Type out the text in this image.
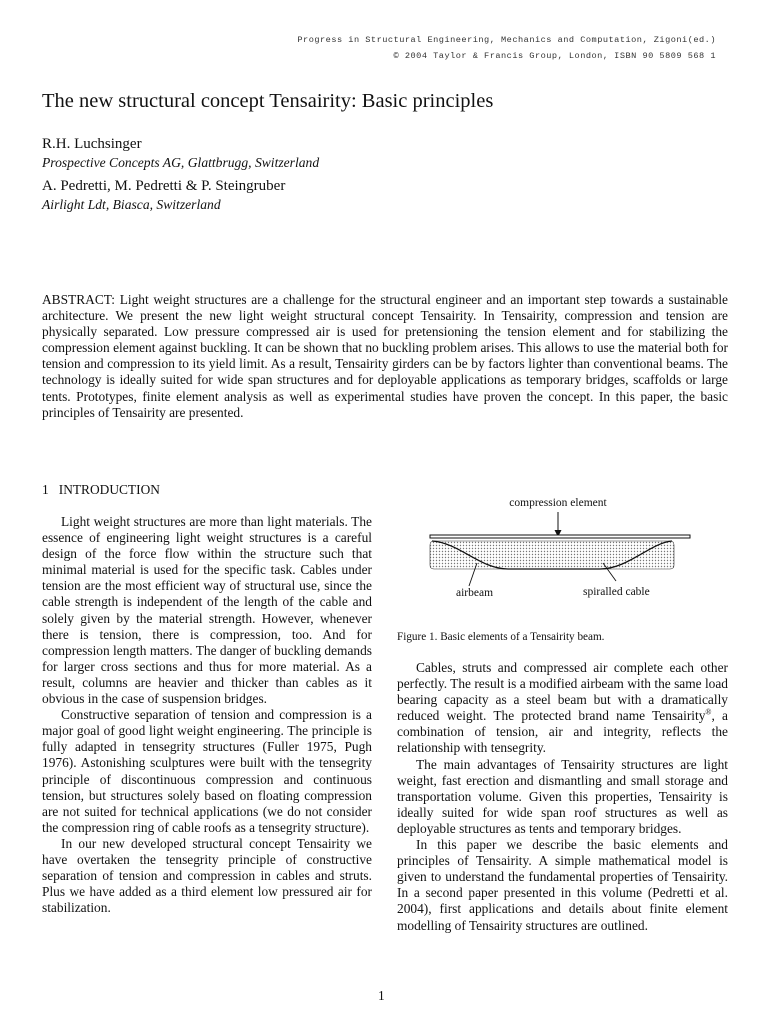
Progress in Structural Engineering, Mechanics and Computation, Zigoni(ed.)
© 2004 Taylor & Francis Group, London, ISBN 90 5809 568 1
The new structural concept Tensairity: Basic principles
R.H. Luchsinger
Prospective Concepts AG, Glattbrugg, Switzerland
A. Pedretti, M. Pedretti & P. Steingruber
Airlight Ldt, Biasca, Switzerland

ABSTRACT: Light weight structures are a challenge for the structural engineer and an important step towards a sustainable architecture. We present the new light weight structural concept Tensairity. In Tensairity, compression and tension are physically separated. Low pressure compressed air is used for pretensioning the tension element and for stabilizing the compression element against buckling. It can be shown that no buckling problem arises. This allows to use the material both for tension and compression to its yield limit. As a result, Tensairity girders can be by factors lighter than conventional beams. The technology is ideally suited for wide span structures and for deployable applications as temporary bridges, scaffolds or large tents. Prototypes, finite element analysis as well as experimental studies have proven the concept. In this paper, the basic principles of Tensairity are presented.

1 INTRODUCTION

Light weight structures are more than light materials. The essence of engineering light weight structures is a careful design of the force flow within the structure such that minimal material is used for the specific task. Cables under tension are the most efficient way of structural use, since the cable strength is independent of the length of the cable and solely given by the material strength. However, whenever there is tension, there is compression, too. And for compression length matters. The danger of buckling demands for larger cross sections and thus for more material. As a result, columns are heavier and thicker than cables as it obvious in the case of suspension bridges.

Constructive separation of tension and compression is a major goal of good light weight engineering. The principle is fully adapted in tensegrity structures (Fuller 1975, Pugh 1976). Astonishing sculptures were built with the tensegrity principle of discontinuous compression and continuous tension, but structures solely based on floating compression are not suited for technical applications (we do not consider the compression ring of cable roofs as a tensegrity structure).

In our new developed structural concept Tensairity we have overtaken the tensegrity principle of constructive separation of tension and compression in cables and struts. Plus we have added as a third element low pressured air for stabilization.

compression element
airbeam	spiralled cable
Figure 1. Basic elements of a Tensairity beam.

Cables, struts and compressed air complete each other perfectly. The result is a modified airbeam with the same load bearing capacity as a steel beam but with a dramatically reduced weight. The protected brand name Tensairity®, a combination of tension, air and integrity, reflects the relationship with tensegrity.

The main advantages of Tensairity structures are light weight, fast erection and dismantling and small storage and transportation volume. Given this properties, Tensairity is ideally suited for wide span roof structures as well as deployable structures as tents and temporary bridges.

In this paper we describe the basic elements and principles of Tensairity. A simple mathematical model is given to understand the fundamental properties of Tensairity. In a second paper presented in this volume (Pedretti et al. 2004), first applications and details about finite element modelling of Tensairity structures are outlined.

1
